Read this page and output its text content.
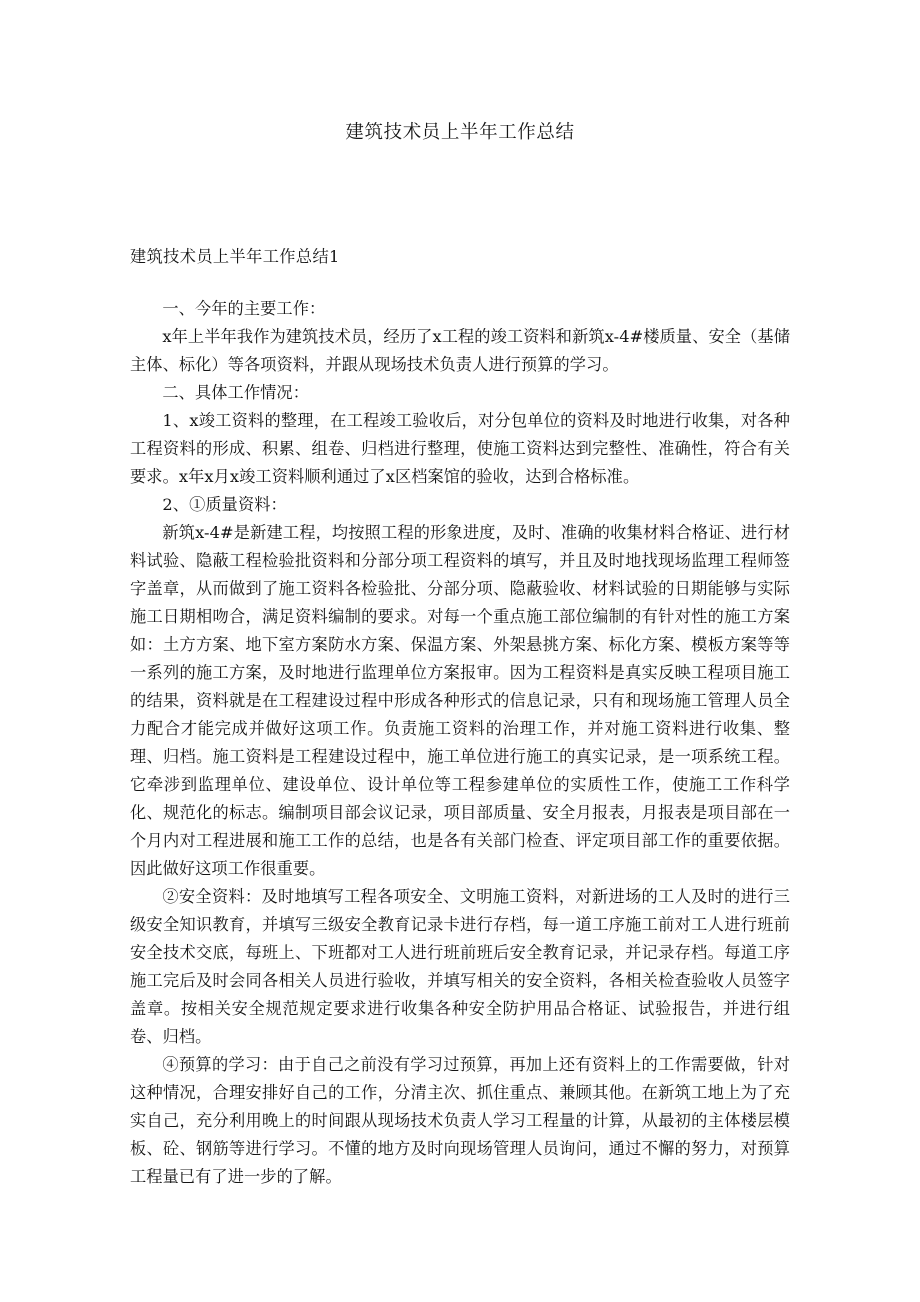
建筑技术员上半年工作总结
建筑技术员上半年工作总结1

一、今年的主要工作：

x年上半年我作为建筑技术员，经历了x工程的竣工资料和新筑x-4#楼质量、安全（基储主体、标化）等各项资料，并跟从现场技术负责人进行预算的学习。

二、具体工作情况：

1、x竣工资料的整理，在工程竣工验收后，对分包单位的资料及时地进行收集，对各种工程资料的形成、积累、组卷、归档进行整理，使施工资料达到完整性、准确性，符合有关要求。x年x月x竣工资料顺利通过了x区档案馆的验收，达到合格标准。

2、①质量资料：

新筑x-4#是新建工程，均按照工程的形象进度，及时、准确的收集材料合格证、进行材料试验、隐蔽工程检验批资料和分部分项工程资料的填写，并且及时地找现场监理工程师签字盖章，从而做到了施工资料各检验批、分部分项、隐蔽验收、材料试验的日期能够与实际施工日期相吻合，满足资料编制的要求。对每一个重点施工部位编制的有针对性的施工方案如：土方方案、地下室方案防水方案、保温方案、外架悬挑方案、标化方案、模板方案等等一系列的施工方案，及时地进行监理单位方案报审。因为工程资料是真实反映工程项目施工的结果，资料就是在工程建设过程中形成各种形式的信息记录，只有和现场施工管理人员全力配合才能完成并做好这项工作。负责施工资料的治理工作，并对施工资料进行收集、整理、归档。施工资料是工程建设过程中，施工单位进行施工的真实记录，是一项系统工程。它牵涉到监理单位、建设单位、设计单位等工程参建单位的实质性工作，使施工工作科学化、规范化的标志。编制项目部会议记录，项目部质量、安全月报表，月报表是项目部在一个月内对工程进展和施工工作的总结，也是各有关部门检查、评定项目部工作的重要依据。因此做好这项工作很重要。

②安全资料：及时地填写工程各项安全、文明施工资料，对新进场的工人及时的进行三级安全知识教育，并填写三级安全教育记录卡进行存档，每一道工序施工前对工人进行班前安全技术交底，每班上、下班都对工人进行班前班后安全教育记录，并记录存档。每道工序施工完后及时会同各相关人员进行验收，并填写相关的安全资料，各相关检查验收人员签字盖章。按相关安全规范规定要求进行收集各种安全防护用品合格证、试验报告，并进行组卷、归档。

④预算的学习：由于自己之前没有学习过预算，再加上还有资料上的工作需要做，针对这种情况，合理安排好自己的工作，分清主次、抓住重点、兼顾其他。在新筑工地上为了充实自己，充分利用晚上的时间跟从现场技术负责人学习工程量的计算，从最初的主体楼层模板、砼、钢筋等进行学习。不懂的地方及时向现场管理人员询问，通过不懈的努力，对预算工程量已有了进一步的了解。
